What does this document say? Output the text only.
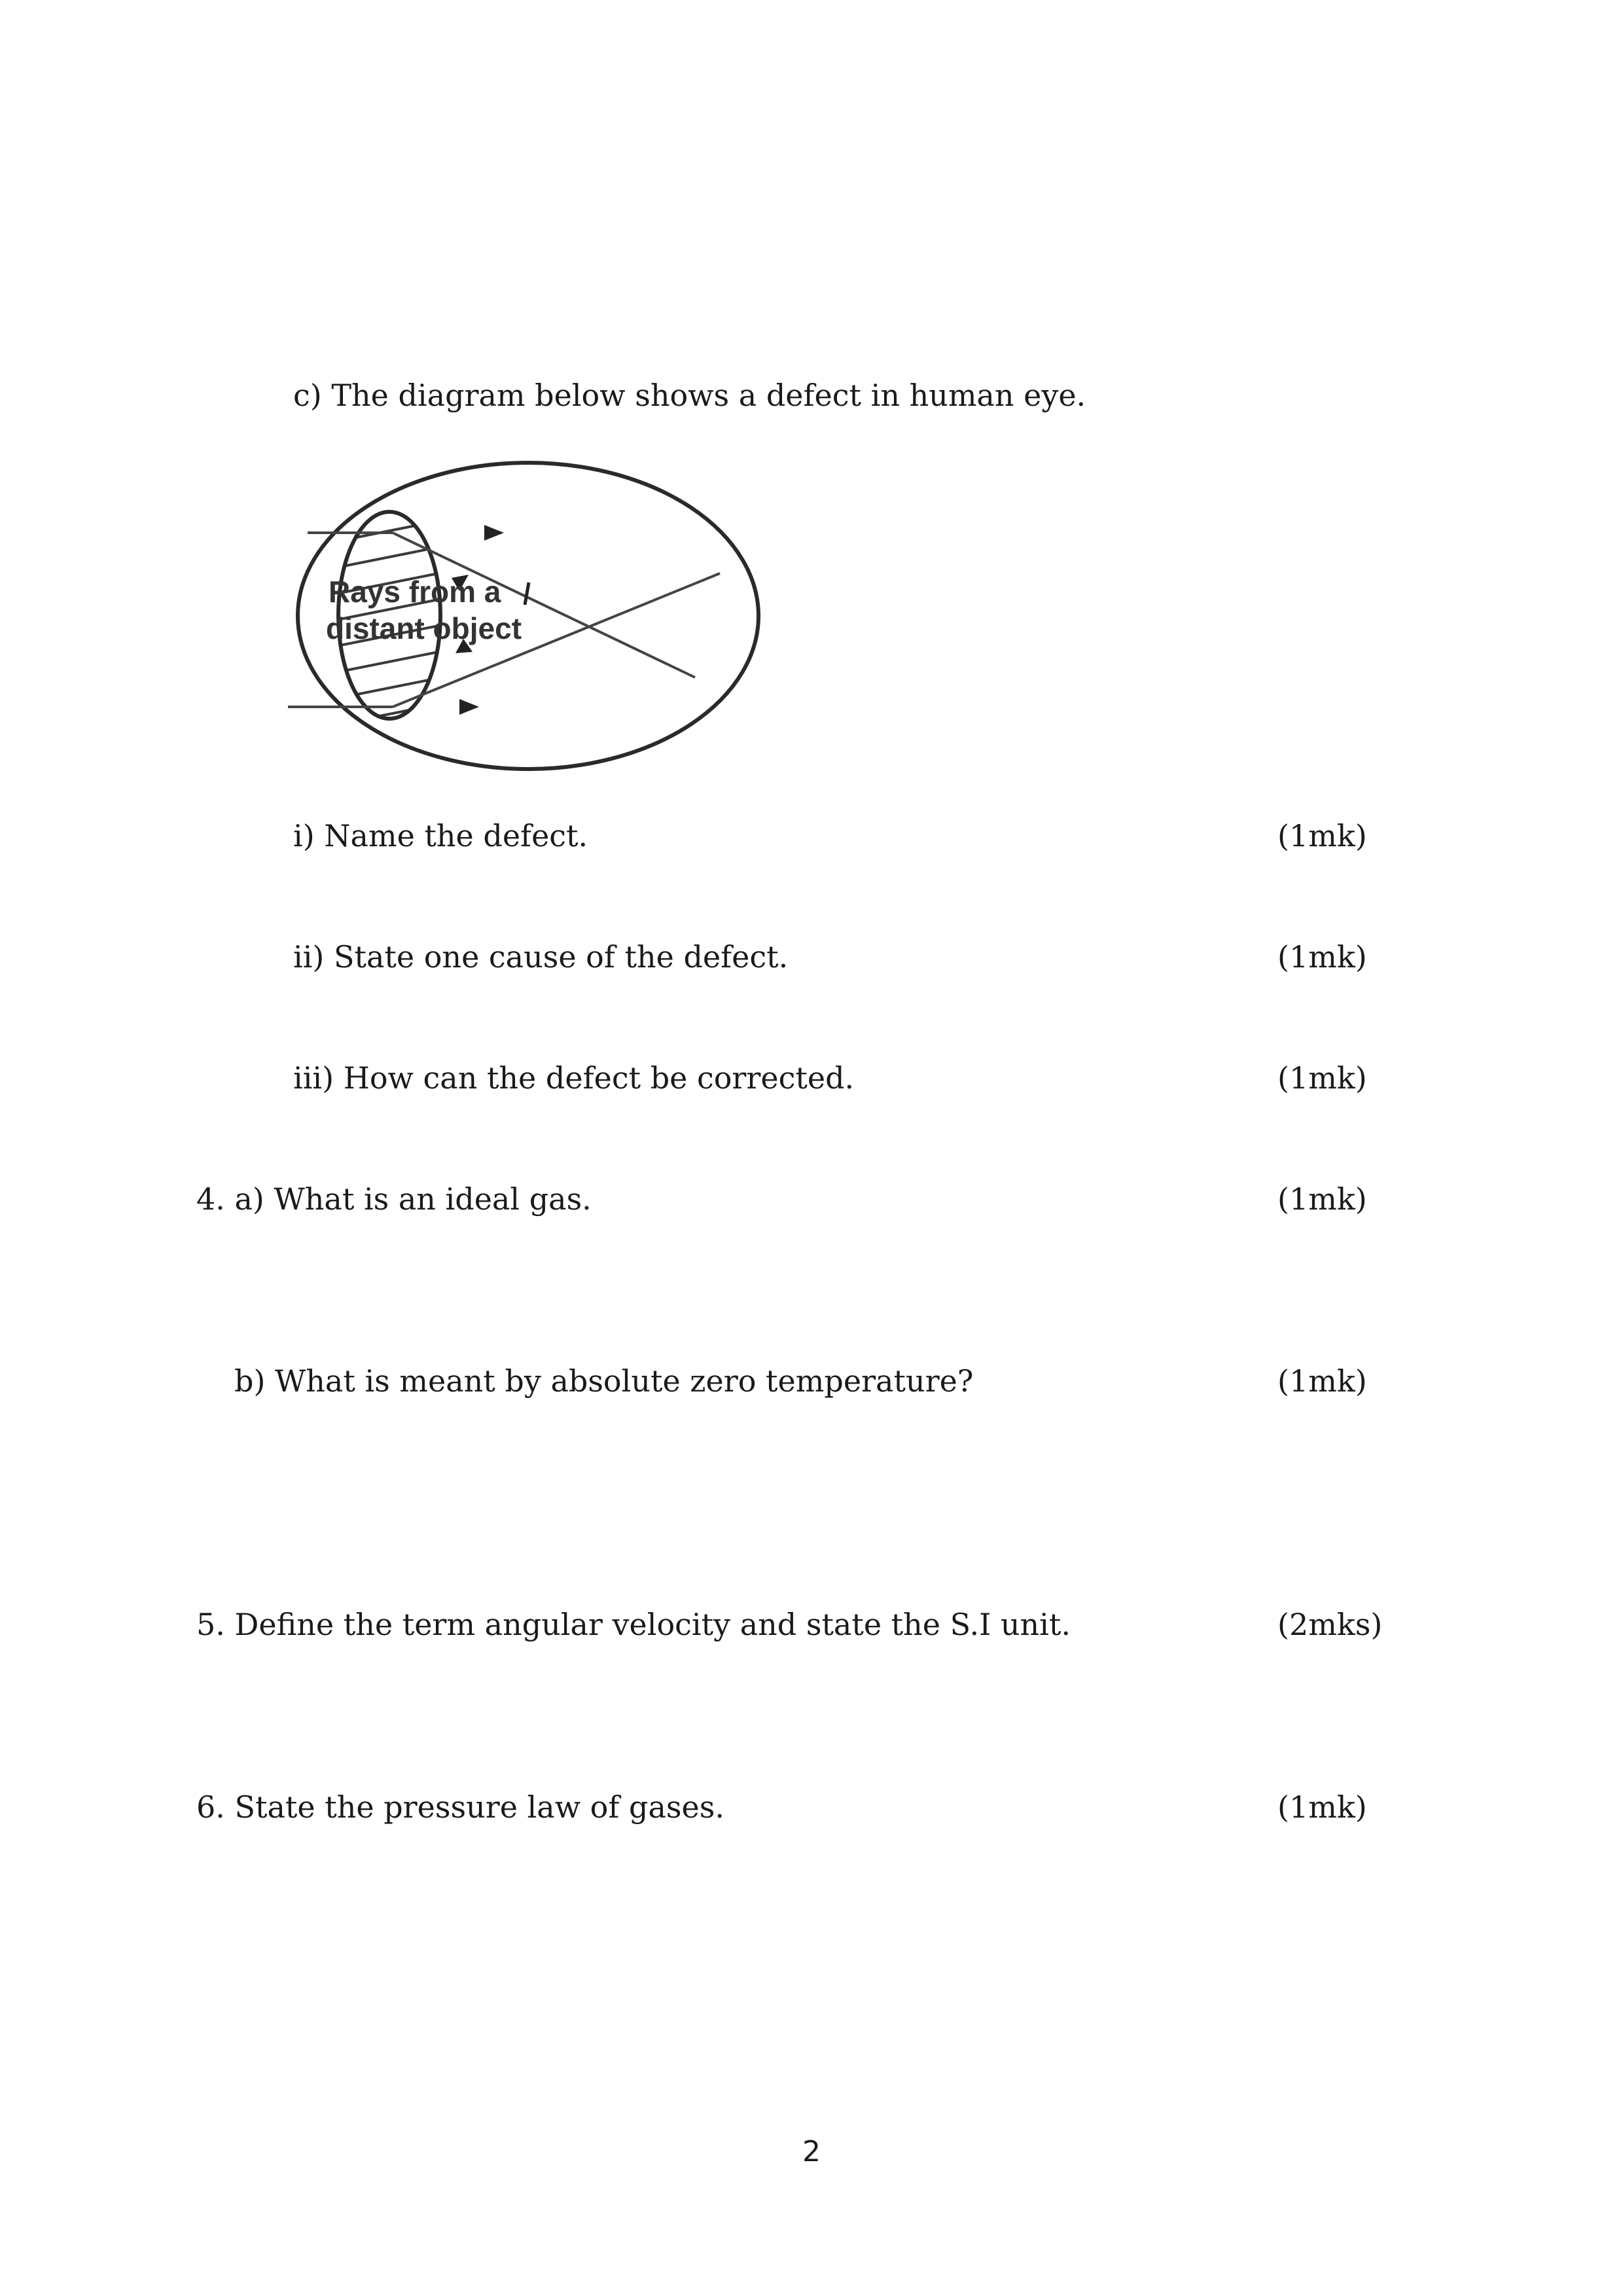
c) The diagram below shows a defect in human eye.
Rays from a
distant object
i) Name the defect.	(1mk)
ii) State one cause of the defect.	(1mk)
iii) How can the defect be corrected.	(1mk)
4. a) What is an ideal gas.	(1mk)
b) What is meant by absolute zero temperature?	(1mk)
5. Define the term angular velocity and state the S.I unit.	(2mks)
6. State the pressure law of gases.	(1mk)
2
